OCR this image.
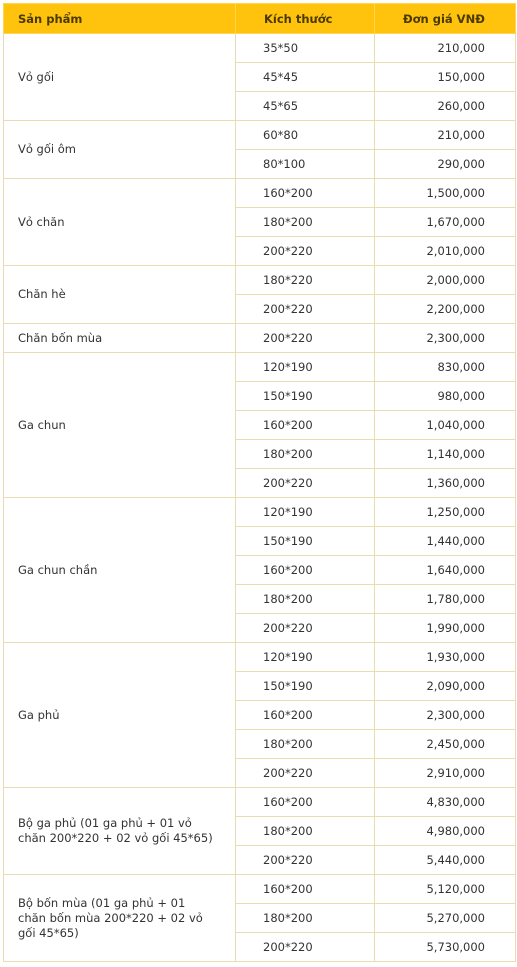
Sản phẩm	Kích thước	Đơn giá VNĐ
Vỏ gối	35*50	210,000
	45*45	150,000
	45*65	260,000
Vỏ gối ôm	60*80	210,000
	80*100	290,000
Vỏ chăn	160*200	1,500,000
	180*200	1,670,000
	200*220	2,010,000
Chăn hè	180*220	2,000,000
	200*220	2,200,000
Chăn bốn mùa	200*220	2,300,000
Ga chun	120*190	830,000
	150*190	980,000
	160*200	1,040,000
	180*200	1,140,000
	200*220	1,360,000
Ga chun chần	120*190	1,250,000
	150*190	1,440,000
	160*200	1,640,000
	180*200	1,780,000
	200*220	1,990,000
Ga phủ	120*190	1,930,000
	150*190	2,090,000
	160*200	2,300,000
	180*200	2,450,000
	200*220	2,910,000
Bộ ga phủ (01 ga phủ + 01 vỏ chăn 200*220 + 02 vỏ gối 45*65)	160*200	4,830,000
	180*200	4,980,000
	200*220	5,440,000
Bộ bốn mùa (01 ga phủ + 01 chăn bốn mùa 200*220 + 02 vỏ gối 45*65)	160*200	5,120,000
	180*200	5,270,000
	200*220	5,730,000
